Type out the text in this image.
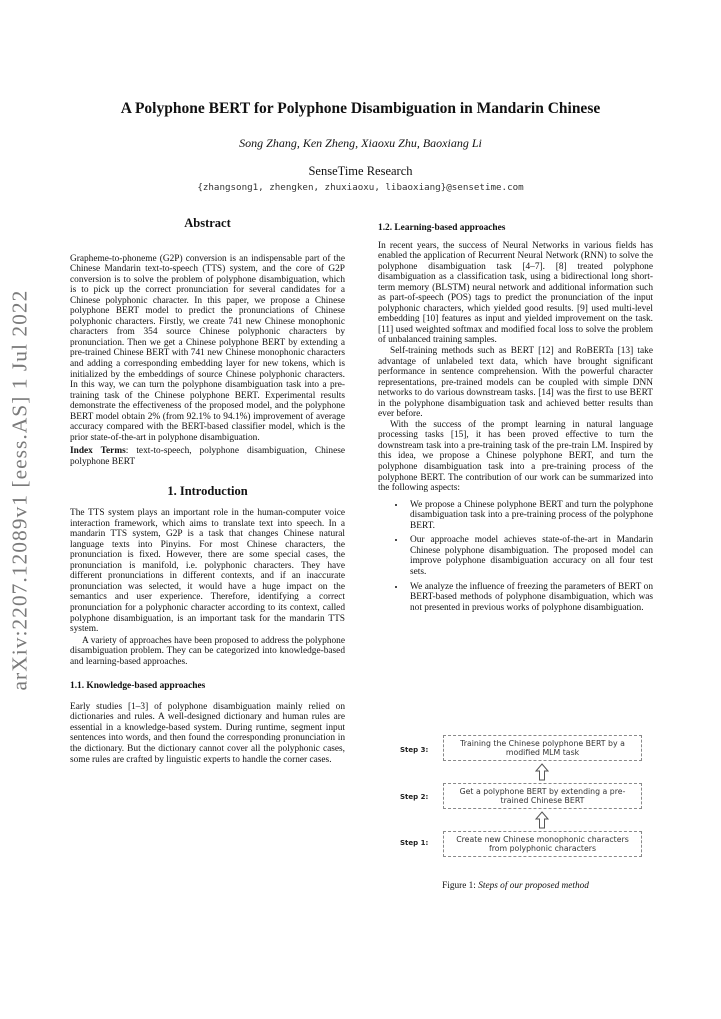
arXiv:2207.12089v1 [eess.AS] 1 Jul 2022
A Polyphone BERT for Polyphone Disambiguation in Mandarin Chinese
Song Zhang, Ken Zheng, Xiaoxu Zhu, Baoxiang Li
SenseTime Research
{zhangsong1, zhengken, zhuxiaoxu, libaoxiang}@sensetime.com

Abstract

Grapheme-to-phoneme (G2P) conversion is an indispensable part of the Chinese Mandarin text-to-speech (TTS) system, and the core of G2P conversion is to solve the problem of polyphone disambiguation, which is to pick up the correct pronunciation for several candidates for a Chinese polyphonic character. In this paper, we propose a Chinese polyphone BERT model to predict the pronunciations of Chinese polyphonic characters. Firstly, we create 741 new Chinese monophonic characters from 354 source Chinese polyphonic characters by pronunciation. Then we get a Chinese polyphone BERT by extending a pre-trained Chinese BERT with 741 new Chinese monophonic characters and adding a corresponding embedding layer for new tokens, which is initialized by the embeddings of source Chinese polyphonic characters. In this way, we can turn the polyphone disambiguation task into a pre-training task of the Chinese polyphone BERT. Experimental results demonstrate the effectiveness of the proposed model, and the polyphone BERT model obtain 2% (from 92.1% to 94.1%) improvement of average accuracy compared with the BERT-based classifier model, which is the prior state-of-the-art in polyphone disambiguation.

Index Terms: text-to-speech, polyphone disambiguation, Chinese polyphone BERT

1. Introduction

The TTS system plays an important role in the human-computer voice interaction framework, which aims to translate text into speech. In a mandarin TTS system, G2P is a task that changes Chinese natural language texts into Pinyins. For most Chinese characters, the pronunciation is fixed. However, there are some special cases, the pronunciation is manifold, i.e. polyphonic characters. They have different pronunciations in different contexts, and if an inaccurate pronunciation was selected, it would have a huge impact on the semantics and user experience. Therefore, identifying a correct pronunciation for a polyphonic character according to its context, called polyphone disambiguation, is an important task for the mandarin TTS system.

A variety of approaches have been proposed to address the polyphone disambiguation problem. They can be categorized into knowledge-based and learning-based approaches.

1.1. Knowledge-based approaches

Early studies [1–3] of polyphone disambiguation mainly relied on dictionaries and rules. A well-designed dictionary and human rules are essential in a knowledge-based system. During runtime, segment input sentences into words, and then found the corresponding pronunciation in the dictionary. But the dictionary cannot cover all the polyphonic cases, some rules are crafted by linguistic experts to handle the corner cases.

1.2. Learning-based approaches

In recent years, the success of Neural Networks in various fields has enabled the application of Recurrent Neural Network (RNN) to solve the polyphone disambiguation task [4–7]. [8] treated polyphone disambiguation as a classification task, using a bidirectional long short-term memory (BLSTM) neural network and additional information such as part-of-speech (POS) tags to predict the pronunciation of the input polyphonic characters, which yielded good results. [9] used multi-level embedding [10] features as input and yielded improvement on the task. [11] used weighted softmax and modified focal loss to solve the problem of unbalanced training samples.

Self-training methods such as BERT [12] and RoBERTa [13] take advantage of unlabeled text data, which have brought significant performance in sentence comprehension. With the powerful character representations, pre-trained models can be coupled with simple DNN networks to do various downstream tasks. [14] was the first to use BERT in the polyphone disambiguation task and achieved better results than ever before.

With the success of the prompt learning in natural language processing tasks [15], it has been proved effective to turn the downstream task into a pre-training task of the pre-train LM. Inspired by this idea, we propose a Chinese polyphone BERT, and turn the polyphone disambiguation task into a pre-training process of the polyphone BERT. The contribution of our work can be summarized into the following aspects:

• We propose a Chinese polyphone BERT and turn the polyphone disambiguation task into a pre-training process of the polyphone BERT.
• Our approache model achieves state-of-the-art in Mandarin Chinese polyphone disambiguation. The proposed model can improve polyphone disambiguation accuracy on all four test sets.
• We analyze the influence of freezing the parameters of BERT on BERT-based methods of polyphone disambiguation, which was not presented in previous works of polyphone disambiguation.
Step 3:
Training the Chinese polyphone BERT by a modified MLM task
Step 2:
Get a polyphone BERT by extending a pre-trained Chinese BERT
Step 1:	Create new Chinese monophonic characters from polyphonic characters
Figure 1: Steps of our proposed method
